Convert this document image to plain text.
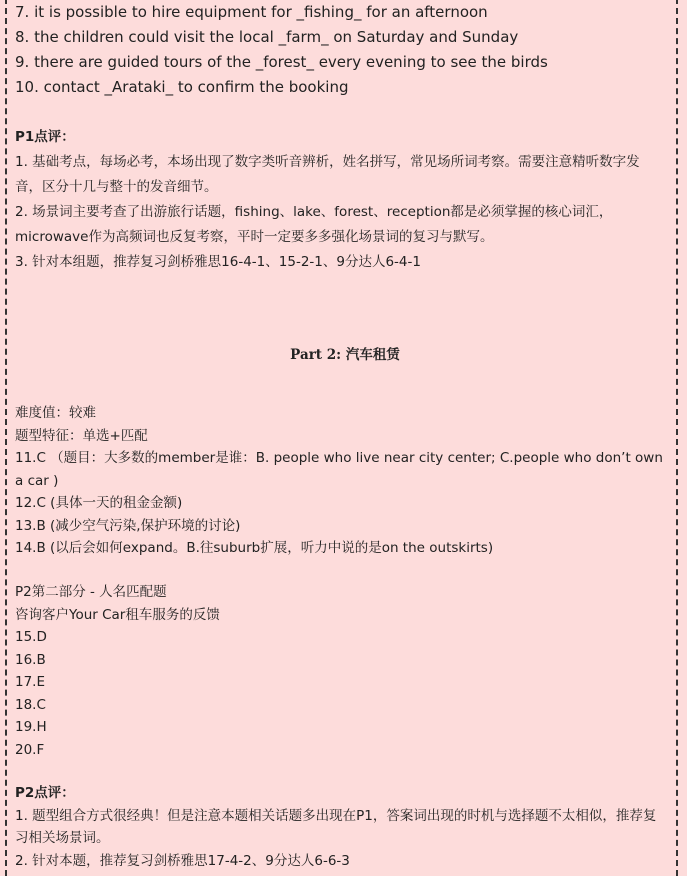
7. it is possible to hire equipment for _fishing_ for an afternoon
8. the children could visit the local _farm_ on Saturday and Sunday
9. there are guided tours of the _forest_ every evening to see the birds
10. contact _Arataki_ to confirm the booking
P1点评：
1. 基础考点，每场必考，本场出现了数字类听音辨析，姓名拼写，常见场所词考察。需要注意精听数字发音，区分十几与整十的发音细节。
2. 场景词主要考查了出游旅行话题，fishing、lake、forest、reception都是必须掌握的核心词汇，microwave作为高频词也反复考察，平时一定要多多强化场景词的复习与默写。
3. 针对本组题，推荐复习剑桥雅思16-4-1、15-2-1、9分达人6-4-1
Part 2: 汽车租赁
难度值：较难
题型特征：单选+匹配
11.C （题目：大多数的member是谁：B. people who live near city center; C.people who don’t own a car )
12.C (具体一天的租金金额)
13.B (减少空气污染,保护环境的讨论)
14.B (以后会如何expand。B.往suburb扩展，听力中说的是on the outskirts)
P2第二部分 - 人名匹配题
咨询客户Your Car租车服务的反馈
15.D
16.B
17.E
18.C
19.H
20.F
P2点评：
1. 题型组合方式很经典！但是注意本题相关话题多出现在P1，答案词出现的时机与选择题不太相似，推荐复习相关场景词。
2. 针对本题，推荐复习剑桥雅思17-4-2、9分达人6-6-3
